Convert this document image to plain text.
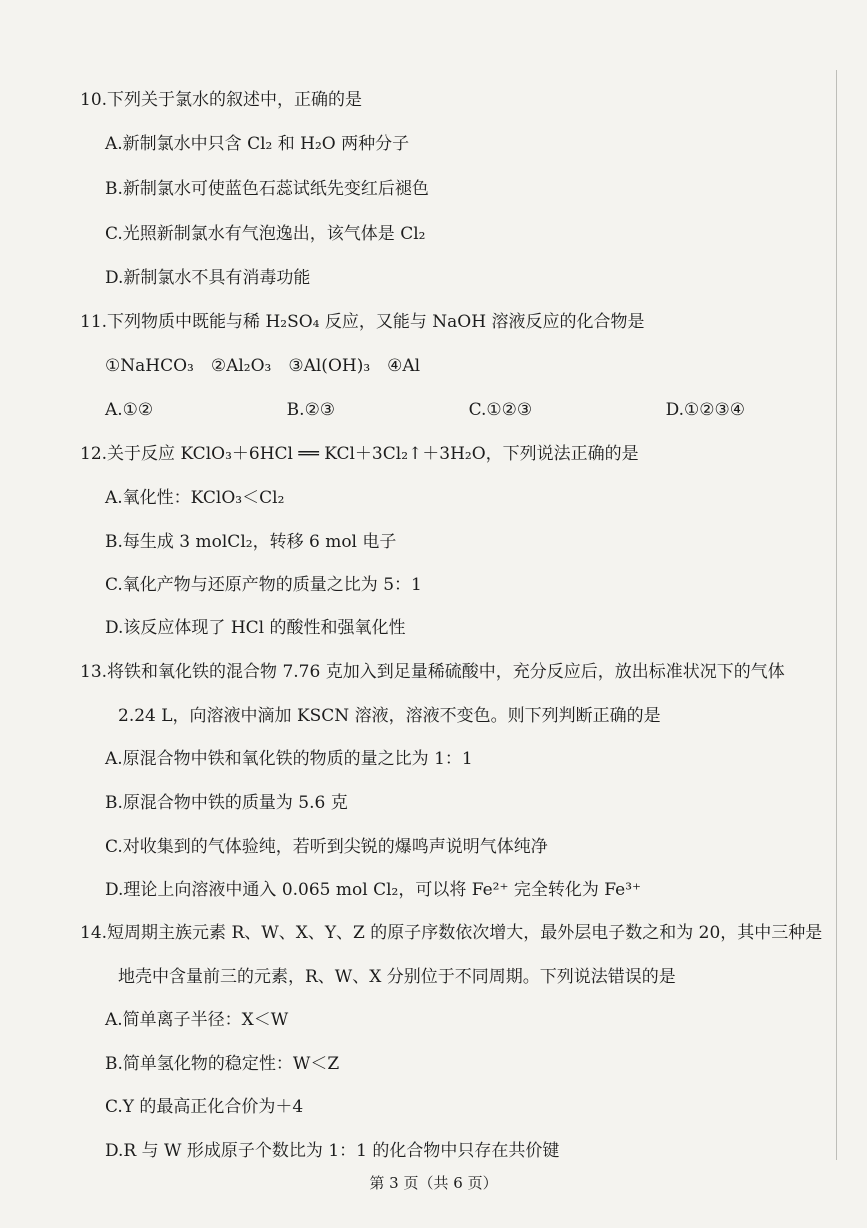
10.下列关于氯水的叙述中，正确的是
A.新制氯水中只含 Cl₂ 和 H₂O 两种分子
B.新制氯水可使蓝色石蕊试纸先变红后褪色
C.光照新制氯水有气泡逸出，该气体是 Cl₂
D.新制氯水不具有消毒功能
11.下列物质中既能与稀 H₂SO₄ 反应，又能与 NaOH 溶液反应的化合物是
①NaHCO₃　②Al₂O₃　③Al(OH)₃　④Al
A.①②	B.②③	C.①②③	D.①②③④
12.关于反应 KClO₃＋6HCl ══ KCl＋3Cl₂↑＋3H₂O，下列说法正确的是
A.氧化性：KClO₃＜Cl₂
B.每生成 3 molCl₂，转移 6 mol 电子
C.氧化产物与还原产物的质量之比为 5：1
D.该反应体现了 HCl 的酸性和强氧化性
13.将铁和氧化铁的混合物 7.76 克加入到足量稀硫酸中，充分反应后，放出标准状况下的气体
2.24 L，向溶液中滴加 KSCN 溶液，溶液不变色。则下列判断正确的是
A.原混合物中铁和氧化铁的物质的量之比为 1：1
B.原混合物中铁的质量为 5.6 克
C.对收集到的气体验纯，若听到尖锐的爆鸣声说明气体纯净
D.理论上向溶液中通入 0.065 mol Cl₂，可以将 Fe²⁺ 完全转化为 Fe³⁺
14.短周期主族元素 R、W、X、Y、Z 的原子序数依次增大，最外层电子数之和为 20，其中三种是
地壳中含量前三的元素，R、W、X 分别位于不同周期。下列说法错误的是
A.简单离子半径：X＜W
B.简单氢化物的稳定性：W＜Z
C.Y 的最高正化合价为＋4
D.R 与 W 形成原子个数比为 1：1 的化合物中只存在共价键
第 3 页（共 6 页）
